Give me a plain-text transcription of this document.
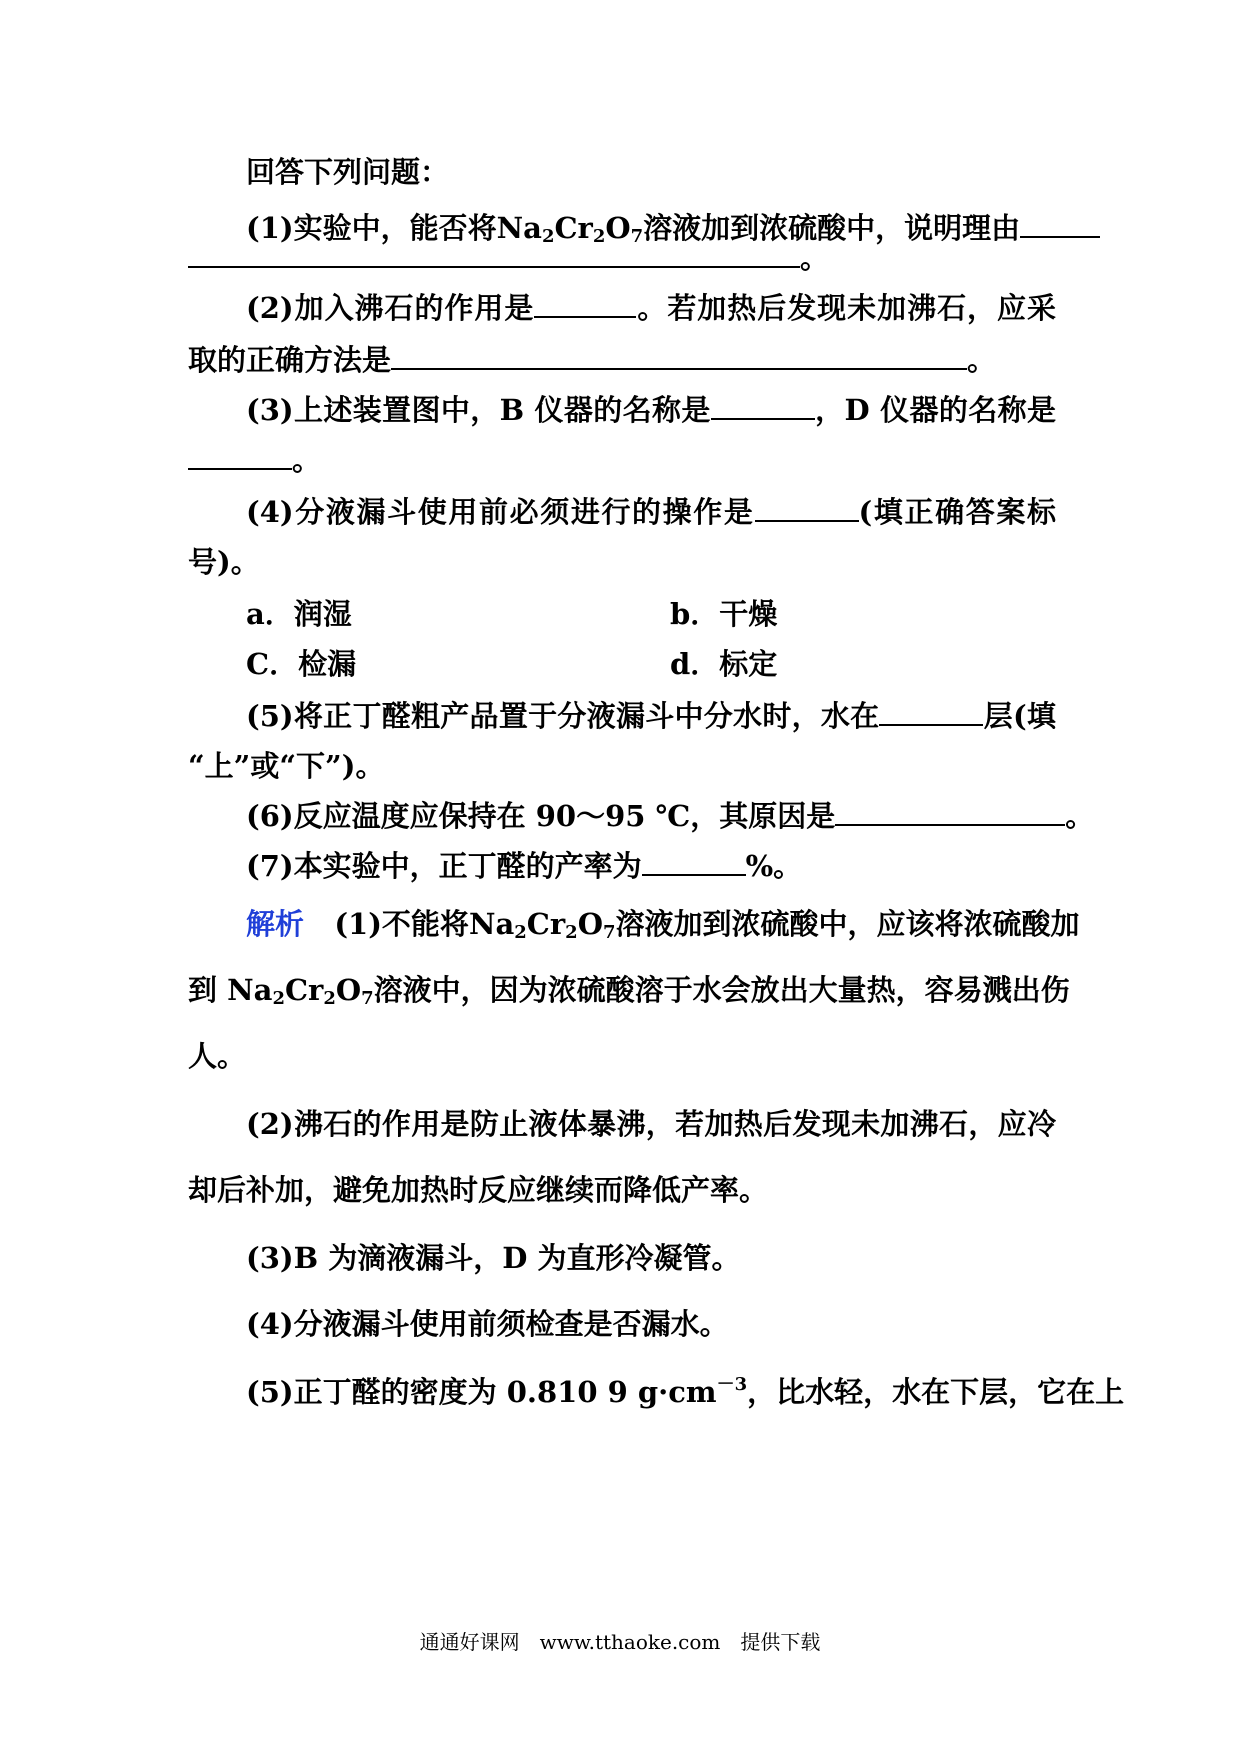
回答下列问题：
(1)实验中，能否将$Na_2Cr_2O_7$溶液加到浓硫酸中，说明理由
。
(2)加入沸石的作用是	。若加热后发现未加沸石，应采
取的正确方法是	。
(3)上述装置图中，B 仪器的名称是	，D 仪器的名称是
。
(4)分液漏斗使用前必须进行的操作是	(填正确答案标
号)。
a．润湿	b．干燥
C．检漏	d．标定
(5)将正丁醛粗产品置于分液漏斗中分水时，水在	层(填
“上”或“下”)。
(6)反应温度应保持在 90～95 ℃，其原因是	。
(7)本实验中，正丁醛的产率为	%。
解析 (1)不能将$Na_2Cr_2O_7$溶液加到浓硫酸中，应该将浓硫酸加
到 $Na_2Cr_2O_7$溶液中，因为浓硫酸溶于水会放出大量热，容易溅出伤
人。
(2)沸石的作用是防止液体暴沸，若加热后发现未加沸石，应冷
却后补加，避免加热时反应继续而降低产率。
(3)B 为滴液漏斗，D 为直形冷凝管。
(4)分液漏斗使用前须检查是否漏水。
(5)正丁醛的密度为 0.810 9 $g\cdot cm^{-3}$，比水轻，水在下层，它在上
通通好课网　www.tthaoke.com　提供下载
